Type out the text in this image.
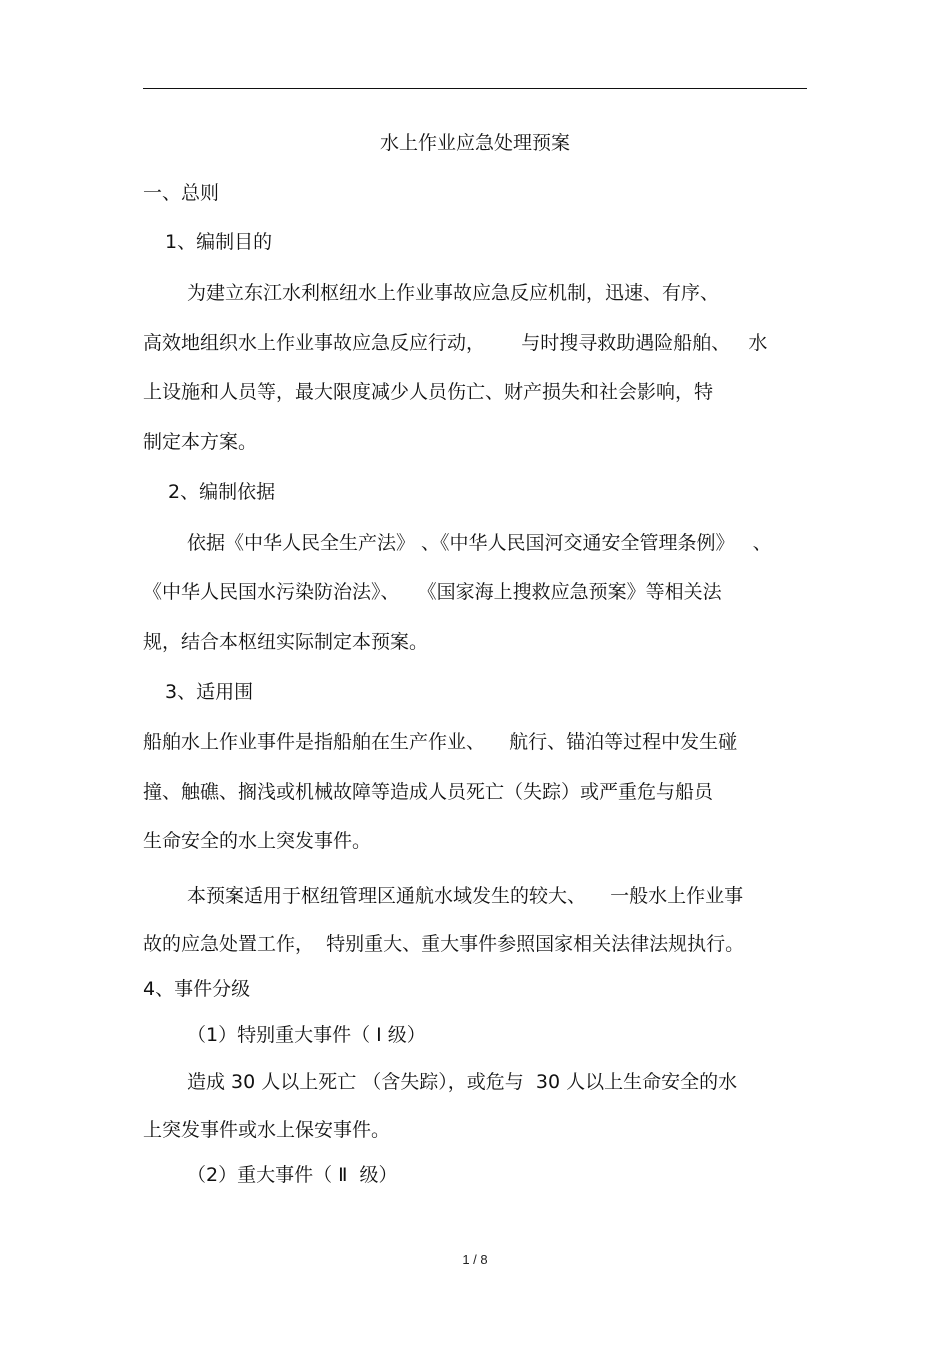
水上作业应急处理预案
一、总则
1、编制目的
为建立东江水利枢纽水上作业事故应急反应机制，迅速、有序、
高效地组织水上作业事故应急反应行动，      与时搜寻救助遇险船舶、   水
上设施和人员等，最大限度减少人员伤亡、财产损失和社会影响，特
制定本方案。
2、编制依据
依据《中华人民全生产法》 、《中华人民国河交通安全管理条例》   、
《中华人民国水污染防治法》、   《国家海上搜救应急预案》等相关法
规，结合本枢纽实际制定本预案。
3、适用围
船舶水上作业事件是指船舶在生产作业、    航行、锚泊等过程中发生碰
撞、触礁、搁浅或机械故障等造成人员死亡（失踪）或严重危与船员
生命安全的水上突发事件。
本预案适用于枢纽管理区通航水域发生的较大、    一般水上作业事
故的应急处置工作，  特别重大、重大事件参照国家相关法律法规执行。
4、事件分级
（1）特别重大事件（ Ⅰ 级）
造成 30 人以上死亡 （含失踪），或危与  30 人以上生命安全的水
上突发事件或水上保安事件。
（2）重大事件（ Ⅱ  级）
1 / 8
